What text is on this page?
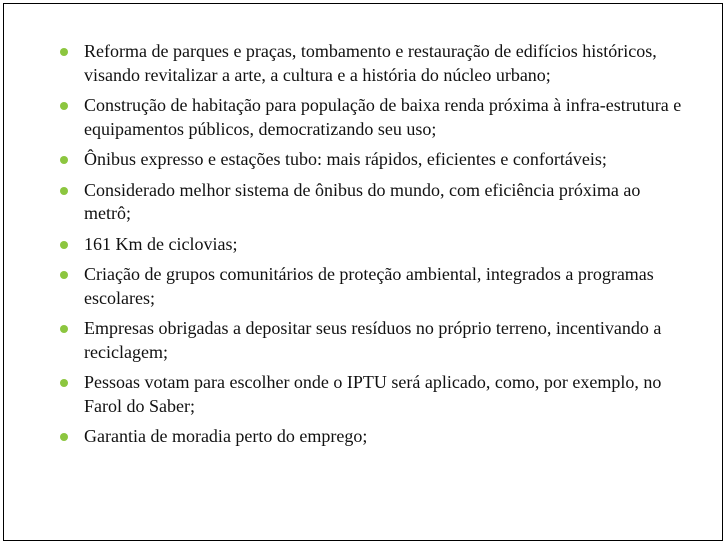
Reforma de parques e praças, tombamento e restauração de edifícios históricos, visando revitalizar a arte, a cultura e a história do núcleo urbano;
Construção de habitação para população de baixa renda próxima à infra-estrutura e equipamentos públicos, democratizando seu uso;
Ônibus expresso e estações tubo: mais rápidos, eficientes e confortáveis;
Considerado melhor sistema de ônibus do mundo, com eficiência próxima ao metrô;
161 Km de ciclovias;
Criação de grupos comunitários de proteção ambiental, integrados a programas escolares;
Empresas obrigadas a depositar seus resíduos no próprio terreno, incentivando a reciclagem;
Pessoas votam para escolher onde o IPTU será aplicado, como, por exemplo, no Farol do Saber;
Garantia de moradia perto do emprego;
